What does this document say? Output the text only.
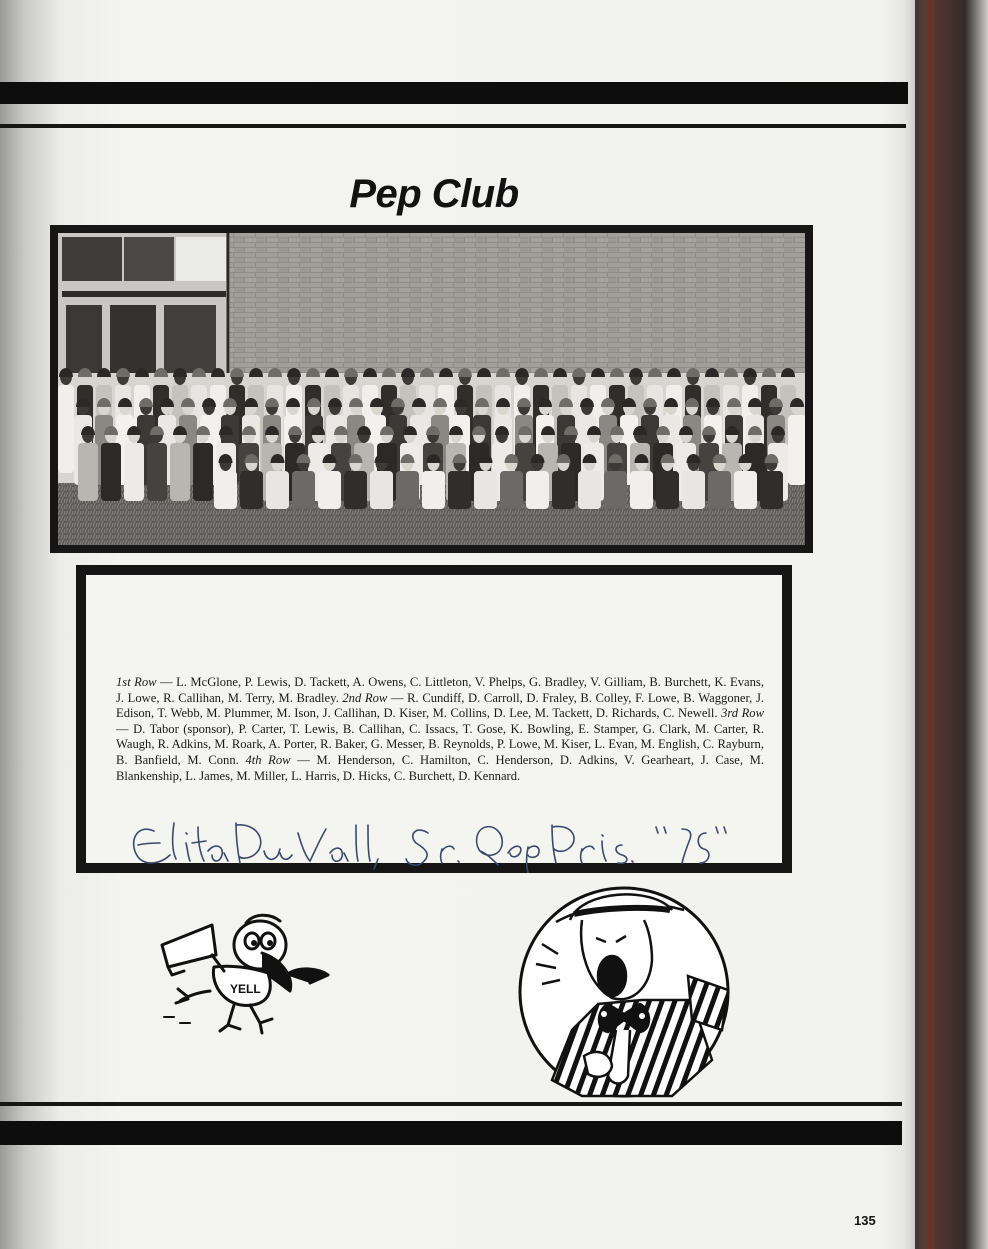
Pep Club
1st Row — L. McGlone, P. Lewis, D. Tackett, A. Owens, C. Littleton, V. Phelps, G. Bradley, V. Gilliam, B. Burchett, K. Evans, J. Lowe, R. Callihan, M. Terry, M. Bradley. 2nd Row — R. Cundiff, D. Carroll, D. Fraley, B. Colley, F. Lowe, B. Waggoner, J. Edison, T. Webb, M. Plummer, M. Ison, J. Callihan, D. Kiser, M. Collins, D. Lee, M. Tackett, D. Richards, C. Newell. 3rd Row — D. Tabor (sponsor), P. Carter, T. Lewis, B. Callihan, C. Issacs, T. Gose, K. Bowling, E. Stamper, G. Clark, M. Carter, R. Waugh, R. Adkins, M. Roark, A. Porter, R. Baker, G. Messer, B. Reynolds, P. Lowe, M. Kiser, L. Evan, M. English, C. Rayburn, B. Banfield, M. Conn. 4th Row — M. Henderson, C. Hamilton, C. Henderson, D. Adkins, V. Gearheart, J. Case, M. Blankenship, L. James, M. Miller, L. Harris, D. Hicks, C. Burchett, D. Kennard.
YELL
135
